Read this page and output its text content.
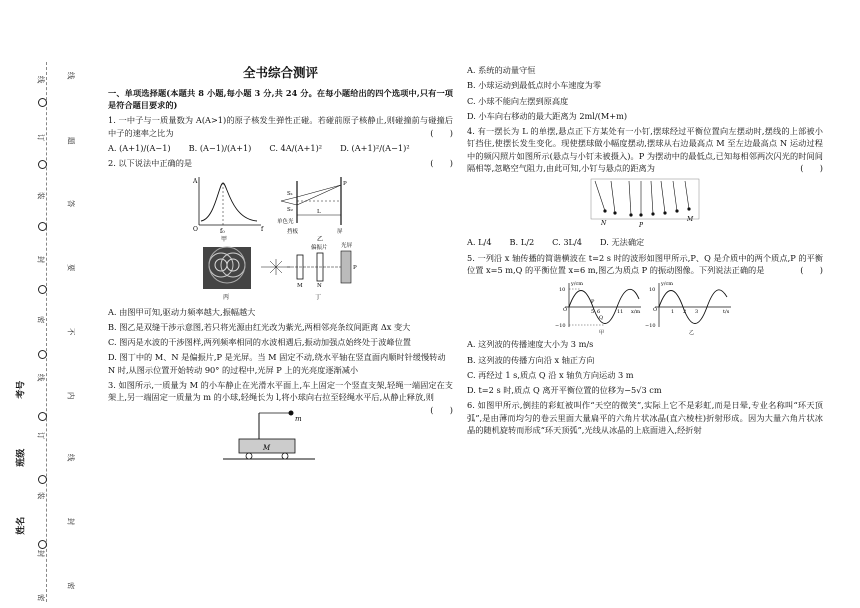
线
题
答
要
不
内
线
封
密
线
订
装
封
密
线
订
装
封
密
考号
班级
姓名
全书综合测评
一、单项选择题(本题共 8 小题,每小题 3 分,共 24 分。在每小题给出的四个选项中,只有一项是符合题目要求的)
1. 一中子与一质量数为 A(A>1)的原子核发生弹性正碰。若碰前原子核静止,则碰撞前与碰撞后中子的速率之比为	(　　)
A. (A+1)/(A−1) B. (A−1)/(A+1) C. 4A/(A+1)² D. (A+1)²/(A−1)²
2. 以下说法中正确的是	(　　)
A
O	f
f₀
甲
S₁
S₂
P
L
单色光
挡板	屏
乙
丙
偏振片 光屏
M	N
P
丁
A. 由图甲可知,驱动力频率越大,振幅越大
B. 图乙是双缝干涉示意图,若只将光源由红光改为紫光,两相邻亮条纹间距离 Δx 变大
C. 图丙是水波的干涉图样,两列频率相同的水波相遇后,振动加强点始终处于波峰位置
D. 图丁中的 M、N 是偏振片,P 是光屏。当 M 固定不动,绕水平轴在竖直面内顺时针缓慢转动 N 时,从图示位置开始转动 90° 的过程中,光屏 P 上的光亮度逐渐减小
3. 如图所示,一质量为 M 的小车静止在光滑水平面上,车上固定一个竖直支架,轻绳一端固定在支架上,另一端固定一质量为 m 的小球,轻绳长为 l,将小球向右拉至轻绳水平后,从静止释放,则
(　　)
M
m
A. 系统的动量守恒
B. 小球运动到最低点时小车速度为零
C. 小球不能向左摆到原高度
D. 小车向右移动的最大距离为 2ml/(M+m)
4. 有一摆长为 L 的单摆,悬点正下方某处有一小钉,摆球经过平衡位置向左摆动时,摆线的上部被小钉挡住,使摆长发生变化。现使摆球做小幅度摆动,摆球从右边最高点 M 至左边最高点 N 运动过程中的频闪照片如图所示(悬点与小钉未被摄入)。P 为摆动中的最低点,已知每相邻两次闪光的时间间隔相等,忽略空气阻力,由此可知,小钉与悬点的距离为	(　　)
N	P
M
A. L/4 B. L/2 C. 3L/4 D. 无法确定
5. 一列沿 x 轴传播的简谐横波在 t=2 s 时的波形如图甲所示,P、Q 是介质中的两个质点,P 的平衡位置 x=5 m,Q 的平衡位置 x=6 m,图乙为质点 P 的振动图像。下列说法正确的是	(　　)
y/cm
10
O
−10
5 6
P
Q
11 x/m
甲
y/cm
10
O
−10
1 2 3	t/s
乙
A. 这列波的传播速度大小为 3 m/s
B. 这列波的传播方向沿 x 轴正方向
C. 再经过 1 s,质点 Q 沿 x 轴负方向运动 3 m
D. t=2 s 时,质点 Q 离开平衡位置的位移为−5√3 cm
6. 如图甲所示,倒挂的彩虹被叫作“天空的微笑”,实际上它不是彩虹,而是日晕,专业名称叫“环天顶弧”,是由薄而均匀的卷云里面大量扁平的六角片状冰晶(直六棱柱)折射形成。因为大量六角片状冰晶的随机旋转而形成“环天顶弧”,光线从冰晶的上底面进入,经折射
